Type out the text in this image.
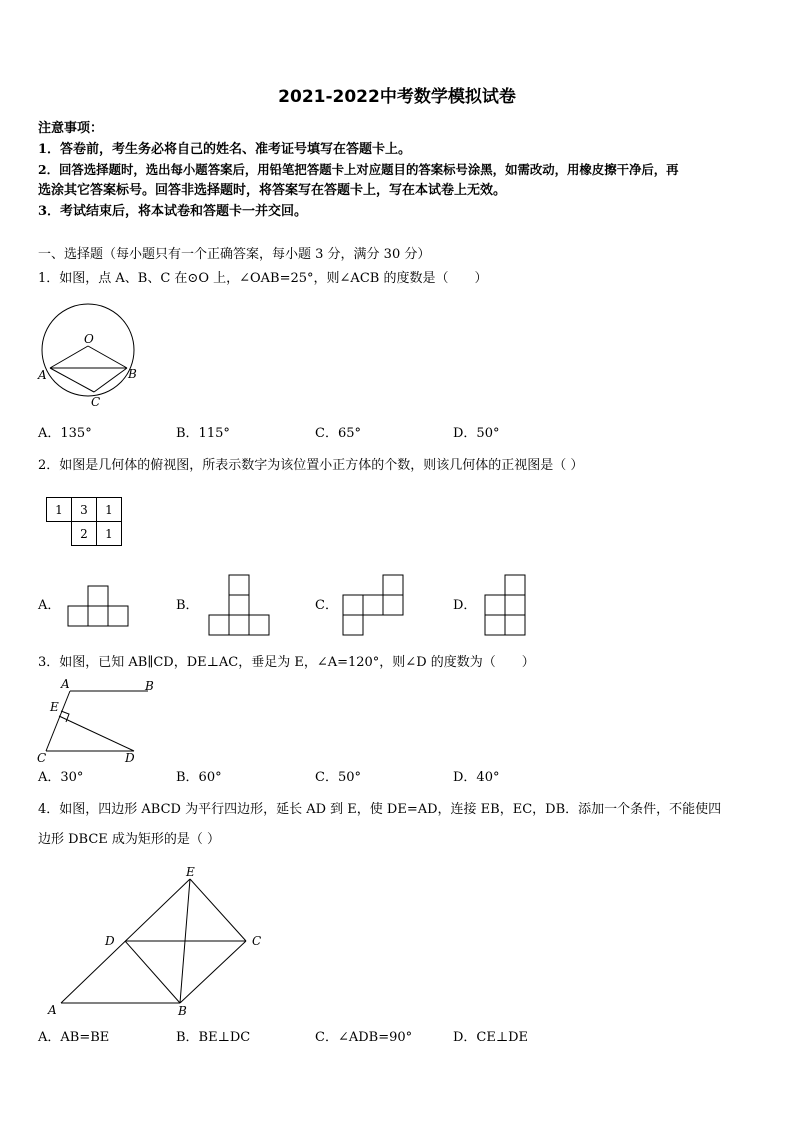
2021-2022中考数学模拟试卷
注意事项：
1．答卷前，考生务必将自己的姓名、准考证号填写在答题卡上。
2．回答选择题时，选出每小题答案后，用铅笔把答题卡上对应题目的答案标号涂黑，如需改动，用橡皮擦干净后，再
选涂其它答案标号。回答非选择题时，将答案写在答题卡上，写在本试卷上无效。
3．考试结束后，将本试卷和答题卡一并交回。
一、选择题（每小题只有一个正确答案，每小题 3 分，满分 30 分）
1．如图，点 A、B、C 在⊙O 上，∠OAB=25°，则∠ACB 的度数是（　　）
O
A	B
C
A．135°	B．115°	C．65°	D．50°
2．如图是几何体的俯视图，所表示数字为该位置小正方体的个数，则该几何体的正视图是（ ）
1	3	1
	2	1
A．	B．	C．	D．
3．如图，已知 AB∥CD，DE⊥AC，垂足为 E，∠A=120°，则∠D 的度数为（　　）
A	B
E
C	D
A．30°	B．60°	C．50°	D．40°
4．如图，四边形 ABCD 为平行四边形，延长 AD 到 E，使 DE=AD，连接 EB，EC，DB．添加一个条件，不能使四
边形 DBCE 成为矩形的是（ ）
E
D	C
A	B
A．AB=BE	B．BE⊥DC	C．∠ADB=90°	D．CE⊥DE
